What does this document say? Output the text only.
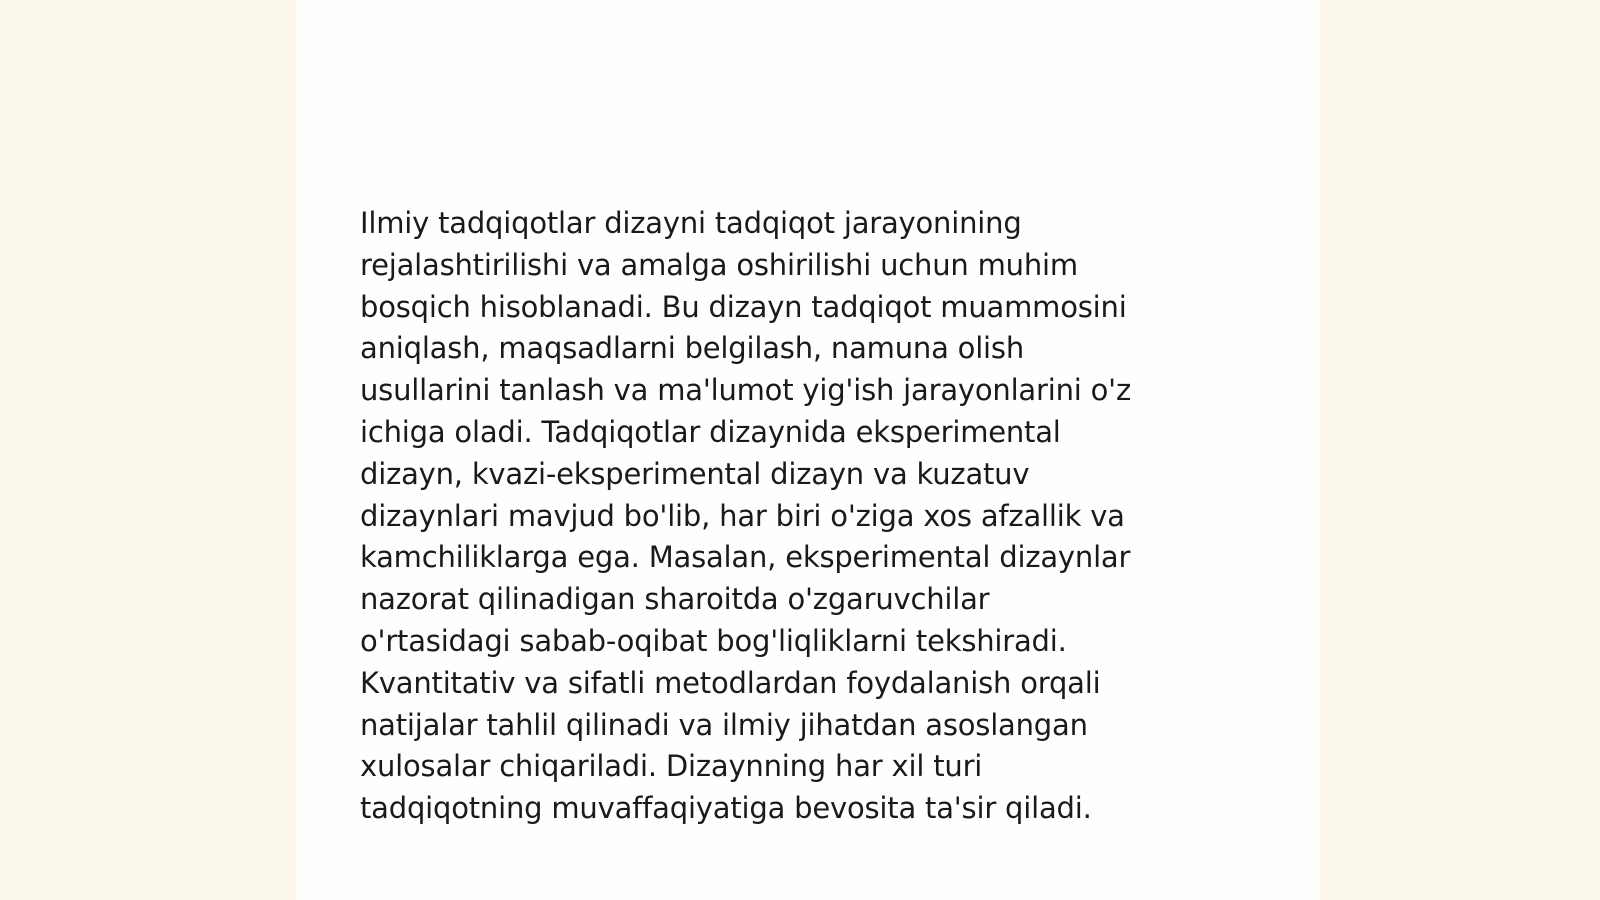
Ilmiy tadqiqotlar dizayni tadqiqot jarayonining
rejalashtirilishi va amalga oshirilishi uchun muhim
bosqich hisoblanadi. Bu dizayn tadqiqot muammosini
aniqlash, maqsadlarni belgilash, namuna olish
usullarini tanlash va ma'lumot yig'ish jarayonlarini o'z
ichiga oladi. Tadqiqotlar dizaynida eksperimental
dizayn, kvazi-eksperimental dizayn va kuzatuv
dizaynlari mavjud bo'lib, har biri o'ziga xos afzallik va
kamchiliklarga ega. Masalan, eksperimental dizaynlar
nazorat qilinadigan sharoitda o'zgaruvchilar
o'rtasidagi sabab-oqibat bog'liqliklarni tekshiradi.
Kvantitativ va sifatli metodlardan foydalanish orqali
natijalar tahlil qilinadi va ilmiy jihatdan asoslangan
xulosalar chiqariladi. Dizaynning har xil turi
tadqiqotning muvaffaqiyatiga bevosita ta'sir qiladi.
